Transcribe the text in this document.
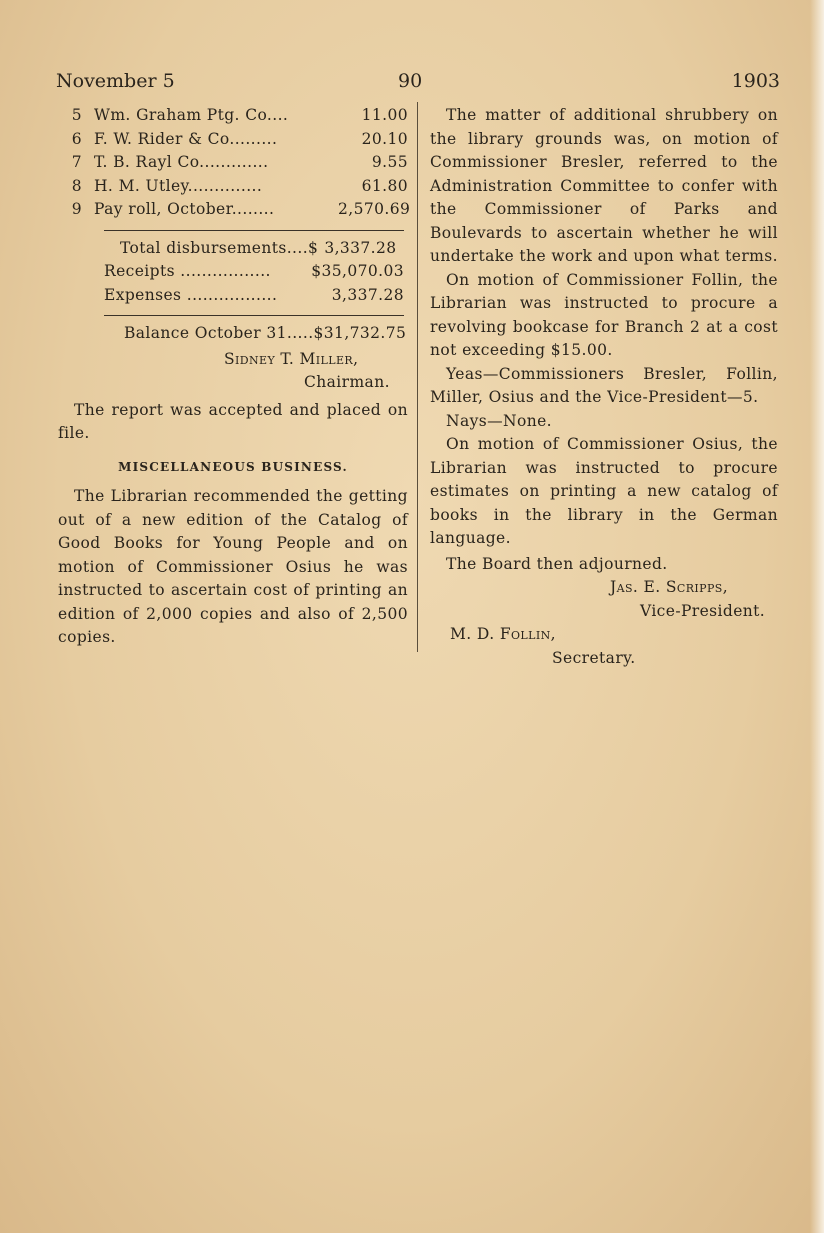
November 5	90	1903
5 Wm. Graham Ptg. Co....	11.00
6 F. W. Rider & Co.........	20.10
7 T. B. Rayl Co.............	9.55
8 H. M. Utley..............	61.80
9 Pay roll, October........	2,570.69
Total disbursements....$ 3,337.28
Receipts .................	$35,070.03
Expenses .................	3,337.28
Balance October 31..... $31,732.75
Sidney T. Miller,
Chairman.

The report was accepted and placed on file.

MISCELLANEOUS BUSINESS.

The Librarian recommended the getting out of a new edition of the Catalog of Good Books for Young People and on motion of Commissioner Osius he was instructed to ascertain cost of printing an edition of 2,000 copies and also of 2,500 copies.

The matter of additional shrubbery on the library grounds was, on motion of Commissioner Bresler, referred to the Administration Committee to confer with the Commissioner of Parks and Boulevards to ascertain whether he will undertake the work and upon what terms.

On motion of Commissioner Follin, the Librarian was instructed to procure a revolving bookcase for Branch 2 at a cost not exceeding $15.00.

Yeas—Commissioners Bresler, Follin, Miller, Osius and the Vice-President—5.

Nays—None.

On motion of Commissioner Osius, the Librarian was instructed to procure estimates on printing a new catalog of books in the library in the German language.

The Board then adjourned.

Jas. E. Scripps,
Vice-President.
M. D. Follin,
Secretary.
